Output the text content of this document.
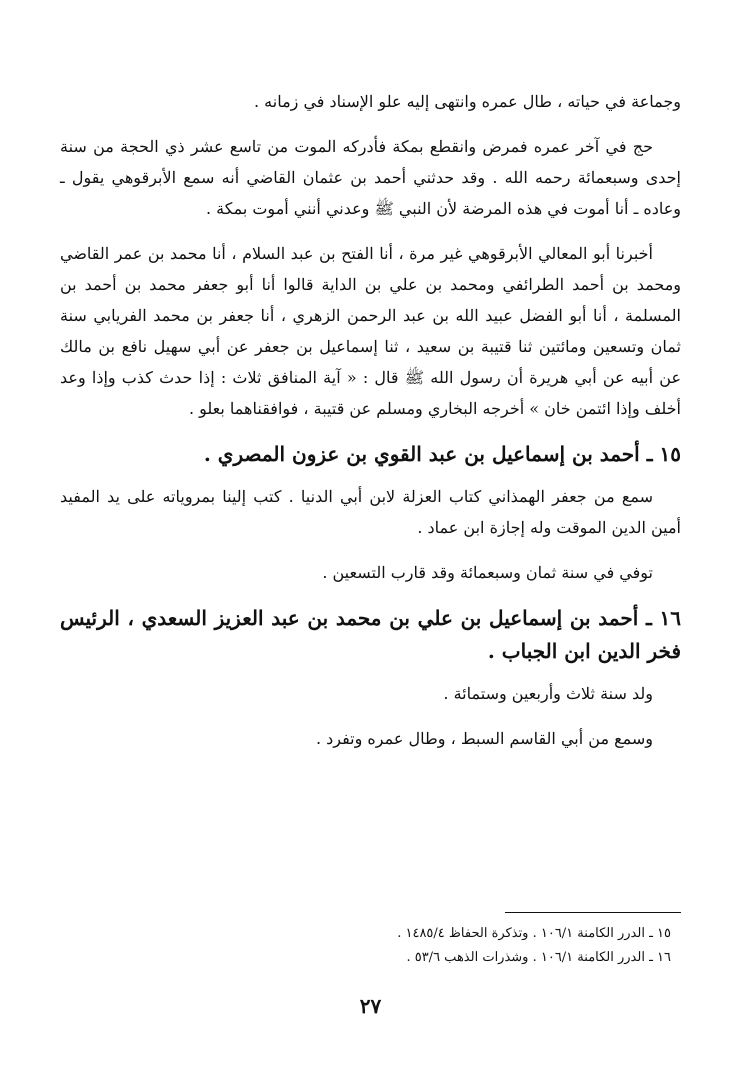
وجماعة في حياته ، طال عمره وانتهى إليه علو الإسناد في زمانه .

حج في آخر عمره فمرض وانقطع بمكة فأدركه الموت من تاسع عشر ذي الحجة من سنة إحدى وسبعمائة رحمه الله . وقد حدثني أحمد بن عثمان القاضي أنه سمع الأبرقوهي يقول ـ وعاده ـ أنا أموت في هذه المرضة لأن النبي ﷺ وعدني أنني أموت بمكة .

أخبرنا أبو المعالي الأبرقوهي غير مرة ، أنا الفتح بن عبد السلام ، أنا محمد بن عمر القاضي ومحمد بن أحمد الطرائفي ومحمد بن علي بن الداية قالوا أنا أبو جعفر محمد بن أحمد بن المسلمة ، أنا أبو الفضل عبيد الله بن عبد الرحمن الزهري ، أنا جعفر بن محمد الفريابي سنة ثمان وتسعين ومائتين ثنا قتيبة بن سعيد ، ثنا إسماعيل بن جعفر عن أبي سهيل نافع بن مالك عن أبيه عن أبي هريرة أن رسول الله ﷺ قال : « آية المنافق ثلاث : إذا حدث كذب وإذا وعد أخلف وإذا ائتمن خان » أخرجه البخاري ومسلم عن قتيبة ، فوافقناهما بعلو .

١٥ ـ أحمد بن إسماعيل بن عبد القوي بن عزون المصري .

سمع من جعفر الهمذاني كتاب العزلة لابن أبي الدنيا . كتب إلينا بمروياته على يد المفيد أمين الدين الموقت وله إجازة ابن عماد .

توفي في سنة ثمان وسبعمائة وقد قارب التسعين .

١٦ ـ أحمد بن إسماعيل بن علي بن محمد بن عبد العزيز السعدي ، الرئيس فخر الدين ابن الجباب .

ولد سنة ثلاث وأربعين وستمائة .

وسمع من أبي القاسم السبط ، وطال عمره وتفرد .

١٥ ـ الدرر الكامنة ١٠٦/١ . وتذكرة الحفاظ ١٤٨٥/٤ .

١٦ ـ الدرر الكامنة ١٠٦/١ . وشذرات الذهب ٥٣/٦ .

٢٧
